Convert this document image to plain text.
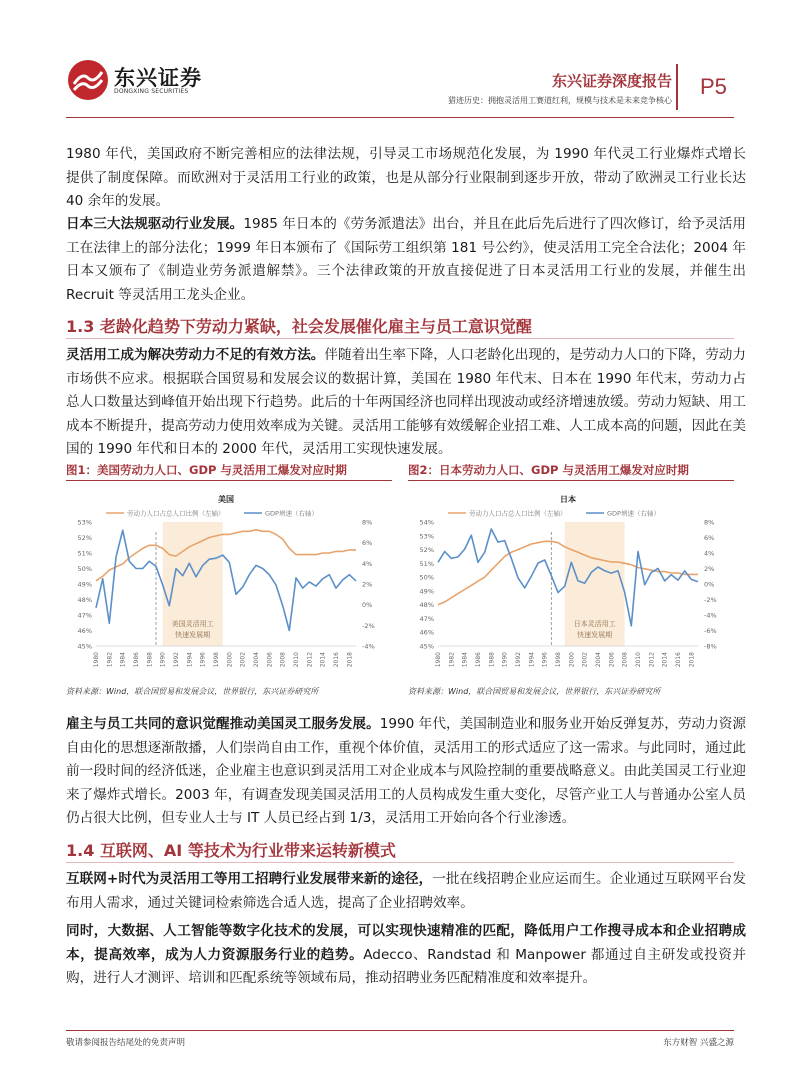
东兴证券
DONGXING SECURITIES
东兴证券深度报告
猎迹历史：拥抱灵活用工赛道红利，规模与技术是未来竞争核心
P5
1980 年代，美国政府不断完善相应的法律法规，引导灵工市场规范化发展，为 1990 年代灵工行业爆炸式增长提供了制度保障。而欧洲对于灵活用工行业的政策，也是从部分行业限制到逐步开放，带动了欧洲灵工行业长达 40 余年的发展。
日本三大法规驱动行业发展。1985 年日本的《劳务派遣法》出台，并且在此后先后进行了四次修订，给予灵活用工在法律上的部分法化；1999 年日本颁布了《国际劳工组织第 181 号公约》，使灵活用工完全合法化；2004 年日本又颁布了《制造业劳务派遣解禁》。三个法律政策的开放直接促进了日本灵活用工行业的发展，并催生出 Recruit 等灵活用工龙头企业。
1.3 老龄化趋势下劳动力紧缺，社会发展催化雇主与员工意识觉醒
灵活用工成为解决劳动力不足的有效方法。伴随着出生率下降，人口老龄化出现的，是劳动力人口的下降，劳动力市场供不应求。根据联合国贸易和发展会议的数据计算，美国在 1980 年代末、日本在 1990 年代末，劳动力占总人口数量达到峰值开始出现下行趋势。此后的十年两国经济也同样出现波动或经济增速放缓。劳动力短缺、用工成本不断提升，提高劳动力使用效率成为关键。灵活用工能够有效缓解企业招工难、人工成本高的问题，因此在美国的 1990 年代和日本的 2000 年代，灵活用工实现快速发展。
图1：美国劳动力人口、GDP 与灵活用工爆发对应时期
美国灵活用工
快速发展期
美国
劳动力人口占总人口比例（左轴）	GDP增速（右轴）
45%
46%
47%
48%
49%
50%
51%
52%
53%
-4%
-2%
0%
2%
4%
6%
8%
1980 1982 1984 1986 1988 1990 1992 1994 1996 1998 2000 2002 2004 2006 2008 2010 2012 2014 2016 2018
资料来源：Wind，联合国贸易和发展会议，世界银行，东兴证券研究所
图2：日本劳动力人口、GDP 与灵活用工爆发对应时期
日本灵活用工
快速发展期
日本
劳动力人口占总人口比例（左轴）	GDP增速（右轴）
45%
46%
47%
48%
49%
50%
51%
52%
53%
54%
-8%
-6%
-4%
-2%
0%
2%
4%
6%
8%
1980 1982 1984 1986 1988 1990 1992 1994 1996 1998 2000 2002 2004 2006 2008 2010 2012 2014 2016 2018
资料来源：Wind，联合国贸易和发展会议，世界银行，东兴证券研究所
雇主与员工共同的意识觉醒推动美国灵工服务发展。1990 年代，美国制造业和服务业开始反弹复苏，劳动力资源自由化的思想逐渐散播，人们崇尚自由工作，重视个体价值，灵活用工的形式适应了这一需求。与此同时，通过此前一段时间的经济低迷，企业雇主也意识到灵活用工对企业成本与风险控制的重要战略意义。由此美国灵工行业迎来了爆炸式增长。2003 年，有调查发现美国灵活用工的人员构成发生重大变化，尽管产业工人与普通办公室人员仍占很大比例，但专业人士与 IT 人员已经占到 1/3，灵活用工开始向各个行业渗透。
1.4 互联网、AI 等技术为行业带来运转新模式
互联网+时代为灵活用工等用工招聘行业发展带来新的途径，一批在线招聘企业应运而生。企业通过互联网平台发布用人需求，通过关键词检索筛选合适人选，提高了企业招聘效率。
同时，大数据、人工智能等数字化技术的发展，可以实现快速精准的匹配，降低用户工作搜寻成本和企业招聘成本，提高效率，成为人力资源服务行业的趋势。Adecco、Randstad 和 Manpower 都通过自主研发或投资并购，进行人才测评、培训和匹配系统等领域布局，推动招聘业务匹配精准度和效率提升。
敬请参阅报告结尾处的免责声明	东方财智 兴盛之源
